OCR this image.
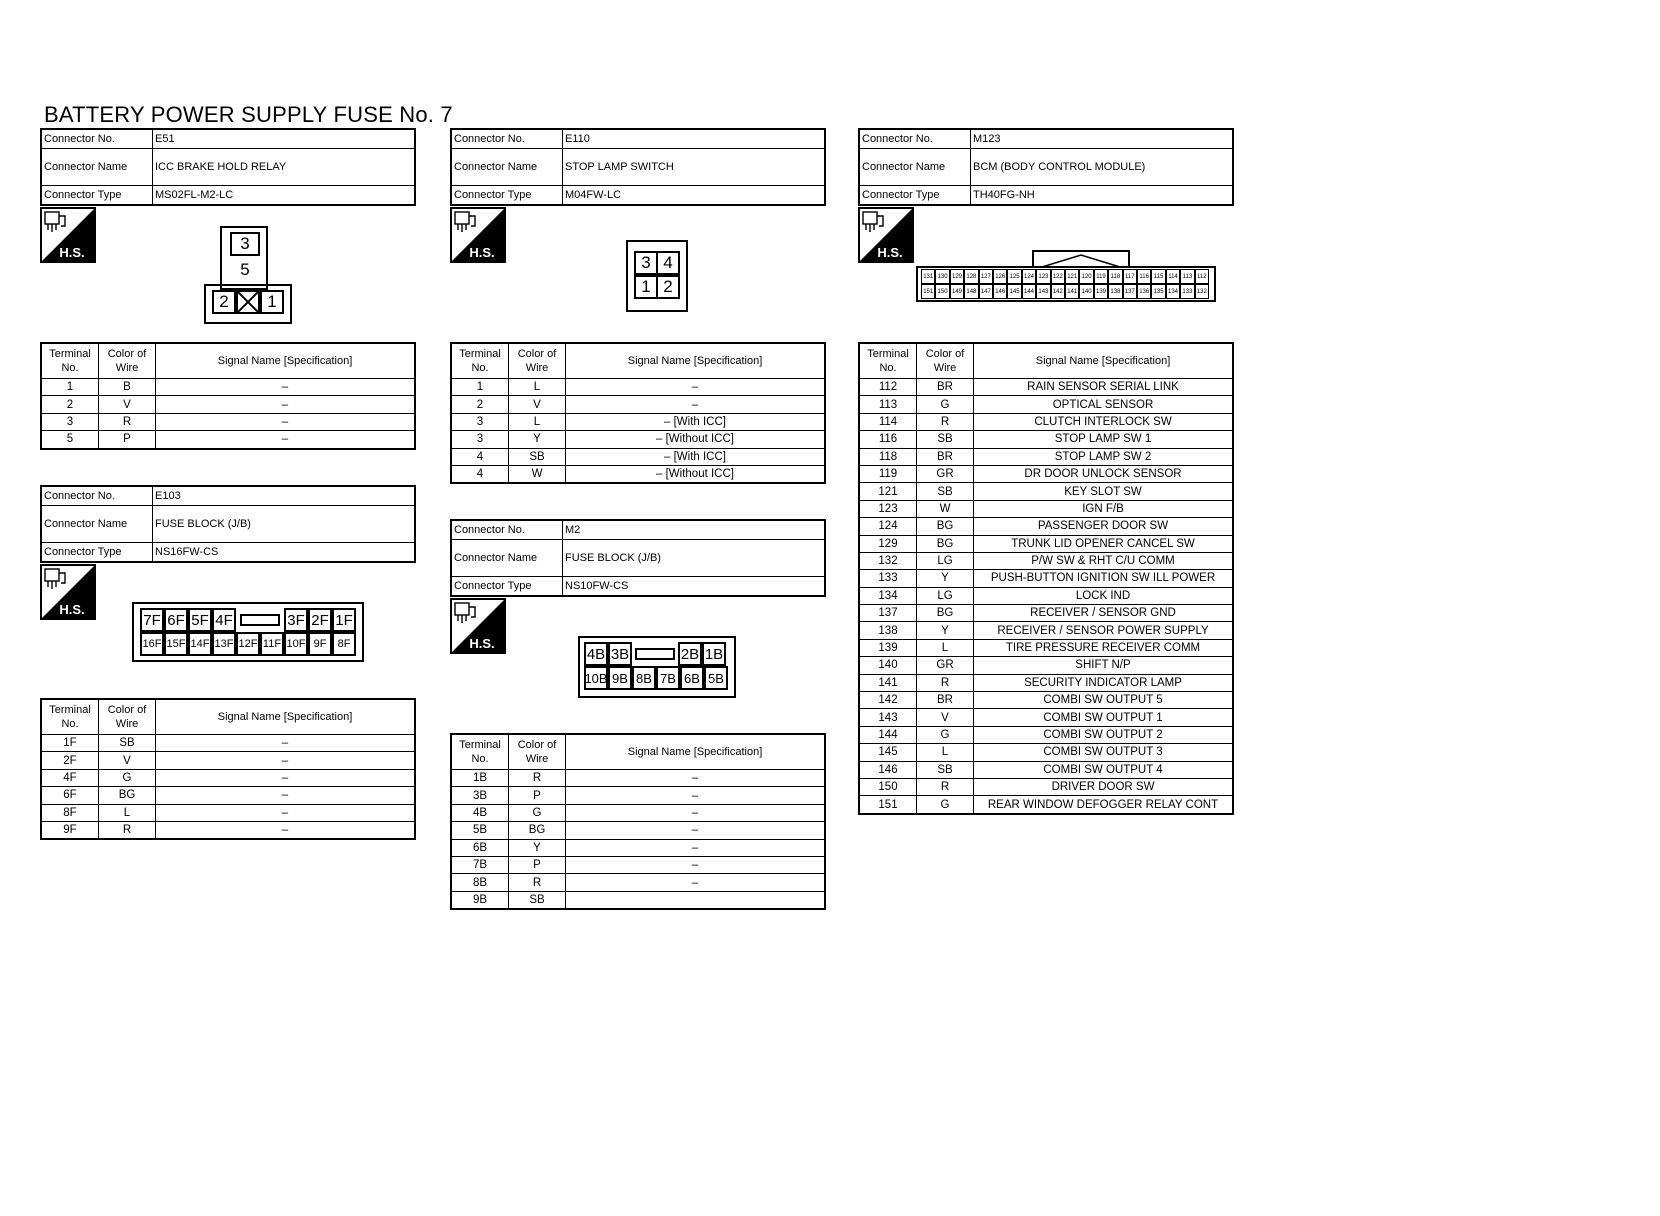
BATTERY POWER SUPPLY FUSE No. 7
Connector No.	E51
Connector Name	ICC BRAKE HOLD RELAY
Connector Type	MS02FL-M2-LC
H.S.	3
5
2	1
Terminal No.	Color of Wire	Signal Name [Specification]
1	B	–
2	V	–
3	R	–
5	P	–
Connector No.	E103
Connector Name	FUSE BLOCK (J/B)
Connector Type	NS16FW-CS
H.S.
7F 6F 5F 4F	3F 2F 1F
16F 15F 14F 13F 12F 11F 10F 9F	8F
Terminal No.	Color of Wire	Signal Name [Specification]
1F	SB	–
2F	V	–
4F	G	–
6F	BG	–
8F	L	–
9F	R	–
Connector No.	E110
Connector Name	STOP LAMP SWITCH
Connector Type	M04FW-LC
H.S.
3 4
1 2
Terminal No.	Color of Wire	Signal Name [Specification]
1	L	–
2	V	–
3	L	– [With ICC]
3	Y	– [Without ICC]
4	SB	– [With ICC]
4	W	– [Without ICC]
Connector No.	M2
Connector Name	FUSE BLOCK (J/B)
Connector Type	NS10FW-CS
H.S.
4B 3B	2B 1B
10B 9B 8B 7B 6B 5B
Terminal No.	Color of Wire	Signal Name [Specification]
1B	R	–
3B	P	–
4B	G	–
5B	BG	–
6B	Y	–
7B	P	–
8B	R	–
9B	SB	
Connector No.	M123
Connector Name	BCM (BODY CONTROL MODULE)
Connector Type	TH40FG-NH
H.S.
131
151
130
150
129
149
128
148
127
147
126
146
125
145
124
144
123
143
122
142
121
141
120
140
119
139
118
138
117
137
116
136
115
135
114
134
113
133
112
132
Terminal No.	Color of Wire	Signal Name [Specification]
112	BR	RAIN SENSOR SERIAL LINK
113	G	OPTICAL SENSOR
114	R	CLUTCH INTERLOCK SW
116	SB	STOP LAMP SW 1
118	BR	STOP LAMP SW 2
119	GR	DR DOOR UNLOCK SENSOR
121	SB	KEY SLOT SW
123	W	IGN F/B
124	BG	PASSENGER DOOR SW
129	BG	TRUNK LID OPENER CANCEL SW
132	LG	P/W SW & RHT C/U COMM
133	Y	PUSH-BUTTON IGNITION SW ILL POWER
134	LG	LOCK IND
137	BG	RECEIVER / SENSOR GND
138	Y	RECEIVER / SENSOR POWER SUPPLY
139	L	TIRE PRESSURE RECEIVER COMM
140	GR	SHIFT N/P
141	R	SECURITY INDICATOR LAMP
142	BR	COMBI SW OUTPUT 5
143	V	COMBI SW OUTPUT 1
144	G	COMBI SW OUTPUT 2
145	L	COMBI SW OUTPUT 3
146	SB	COMBI SW OUTPUT 4
150	R	DRIVER DOOR SW
151	G	REAR WINDOW DEFOGGER RELAY CONT
